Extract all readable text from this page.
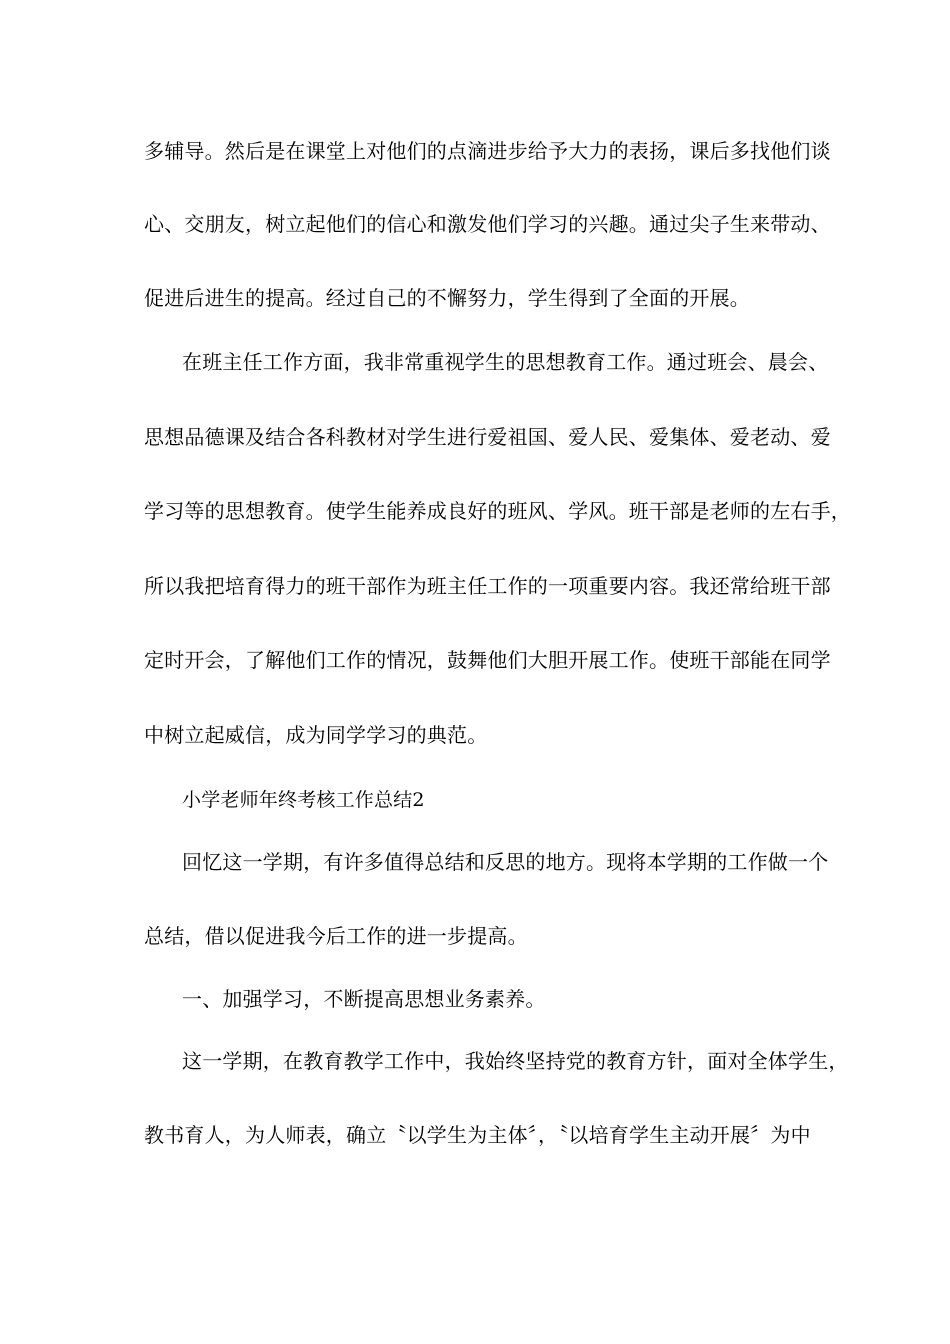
多辅导。然后是在课堂上对他们的点滴进步给予大力的表扬，课后多找他们谈
心、交朋友，树立起他们的信心和激发他们学习的兴趣。通过尖子生来带动、
促进后进生的提高。经过自己的不懈努力，学生得到了全面的开展。
在班主任工作方面，我非常重视学生的思想教育工作。通过班会、晨会、
思想品德课及结合各科教材对学生进行爱祖国、爱人民、爱集体、爱老动、爱
学习等的思想教育。使学生能养成良好的班风、学风。班干部是老师的左右手，
所以我把培育得力的班干部作为班主任工作的一项重要内容。我还常给班干部
定时开会，了解他们工作的情况，鼓舞他们大胆开展工作。使班干部能在同学
中树立起威信，成为同学学习的典范。
小学老师年终考核工作总结2
回忆这一学期，有许多值得总结和反思的地方。现将本学期的工作做一个
总结，借以促进我今后工作的进一步提高。
一、加强学习，不断提高思想业务素养。
这一学期，在教育教学工作中，我始终坚持党的教育方针，面对全体学生，
教书育人，为人师表，确立〝以学生为主体〞，〝以培育学生主动开展〞为中
